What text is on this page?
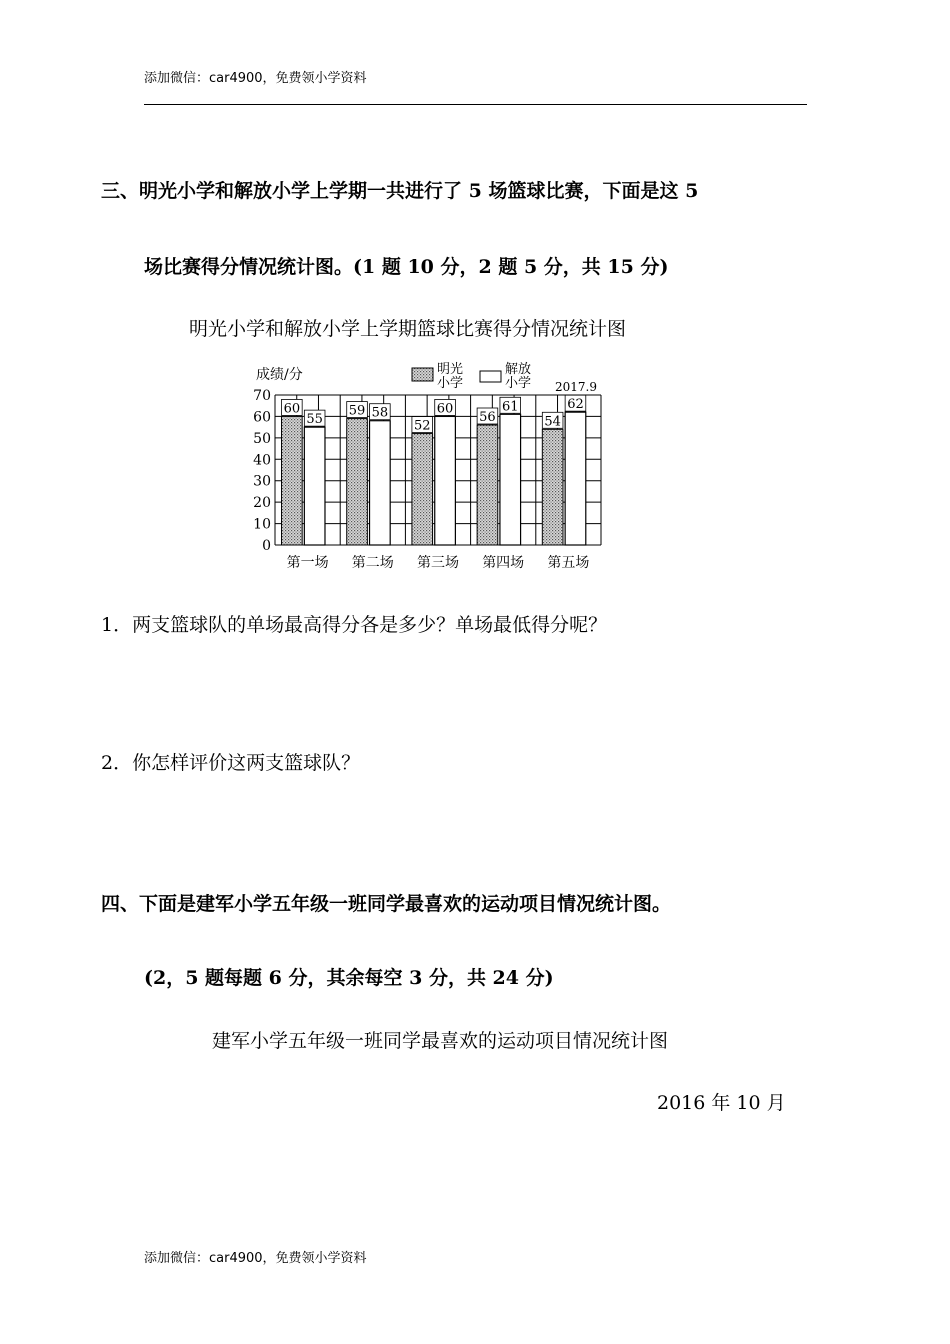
添加微信：car4900，免费领小学资料
三、明光小学和解放小学上学期一共进行了 5 场篮球比赛，下面是这 5
场比赛得分情况统计图。(1 题 10 分，2 题 5 分，共 15 分)
明光小学和解放小学上学期篮球比赛得分情况统计图
0
10
20
30
40
50
60
70
60
55
第一场
59 58
第二场
52
60
第三场
56
61
第四场
54
62
第五场
成绩/分	明光
小学
解放
小学 2017.9
1．两支篮球队的单场最高得分各是多少？单场最低得分呢？
2．你怎样评价这两支篮球队？
四、下面是建军小学五年级一班同学最喜欢的运动项目情况统计图。
(2，5 题每题 6 分，其余每空 3 分，共 24 分)
建军小学五年级一班同学最喜欢的运动项目情况统计图
2016 年 10 月
添加微信：car4900，免费领小学资料
